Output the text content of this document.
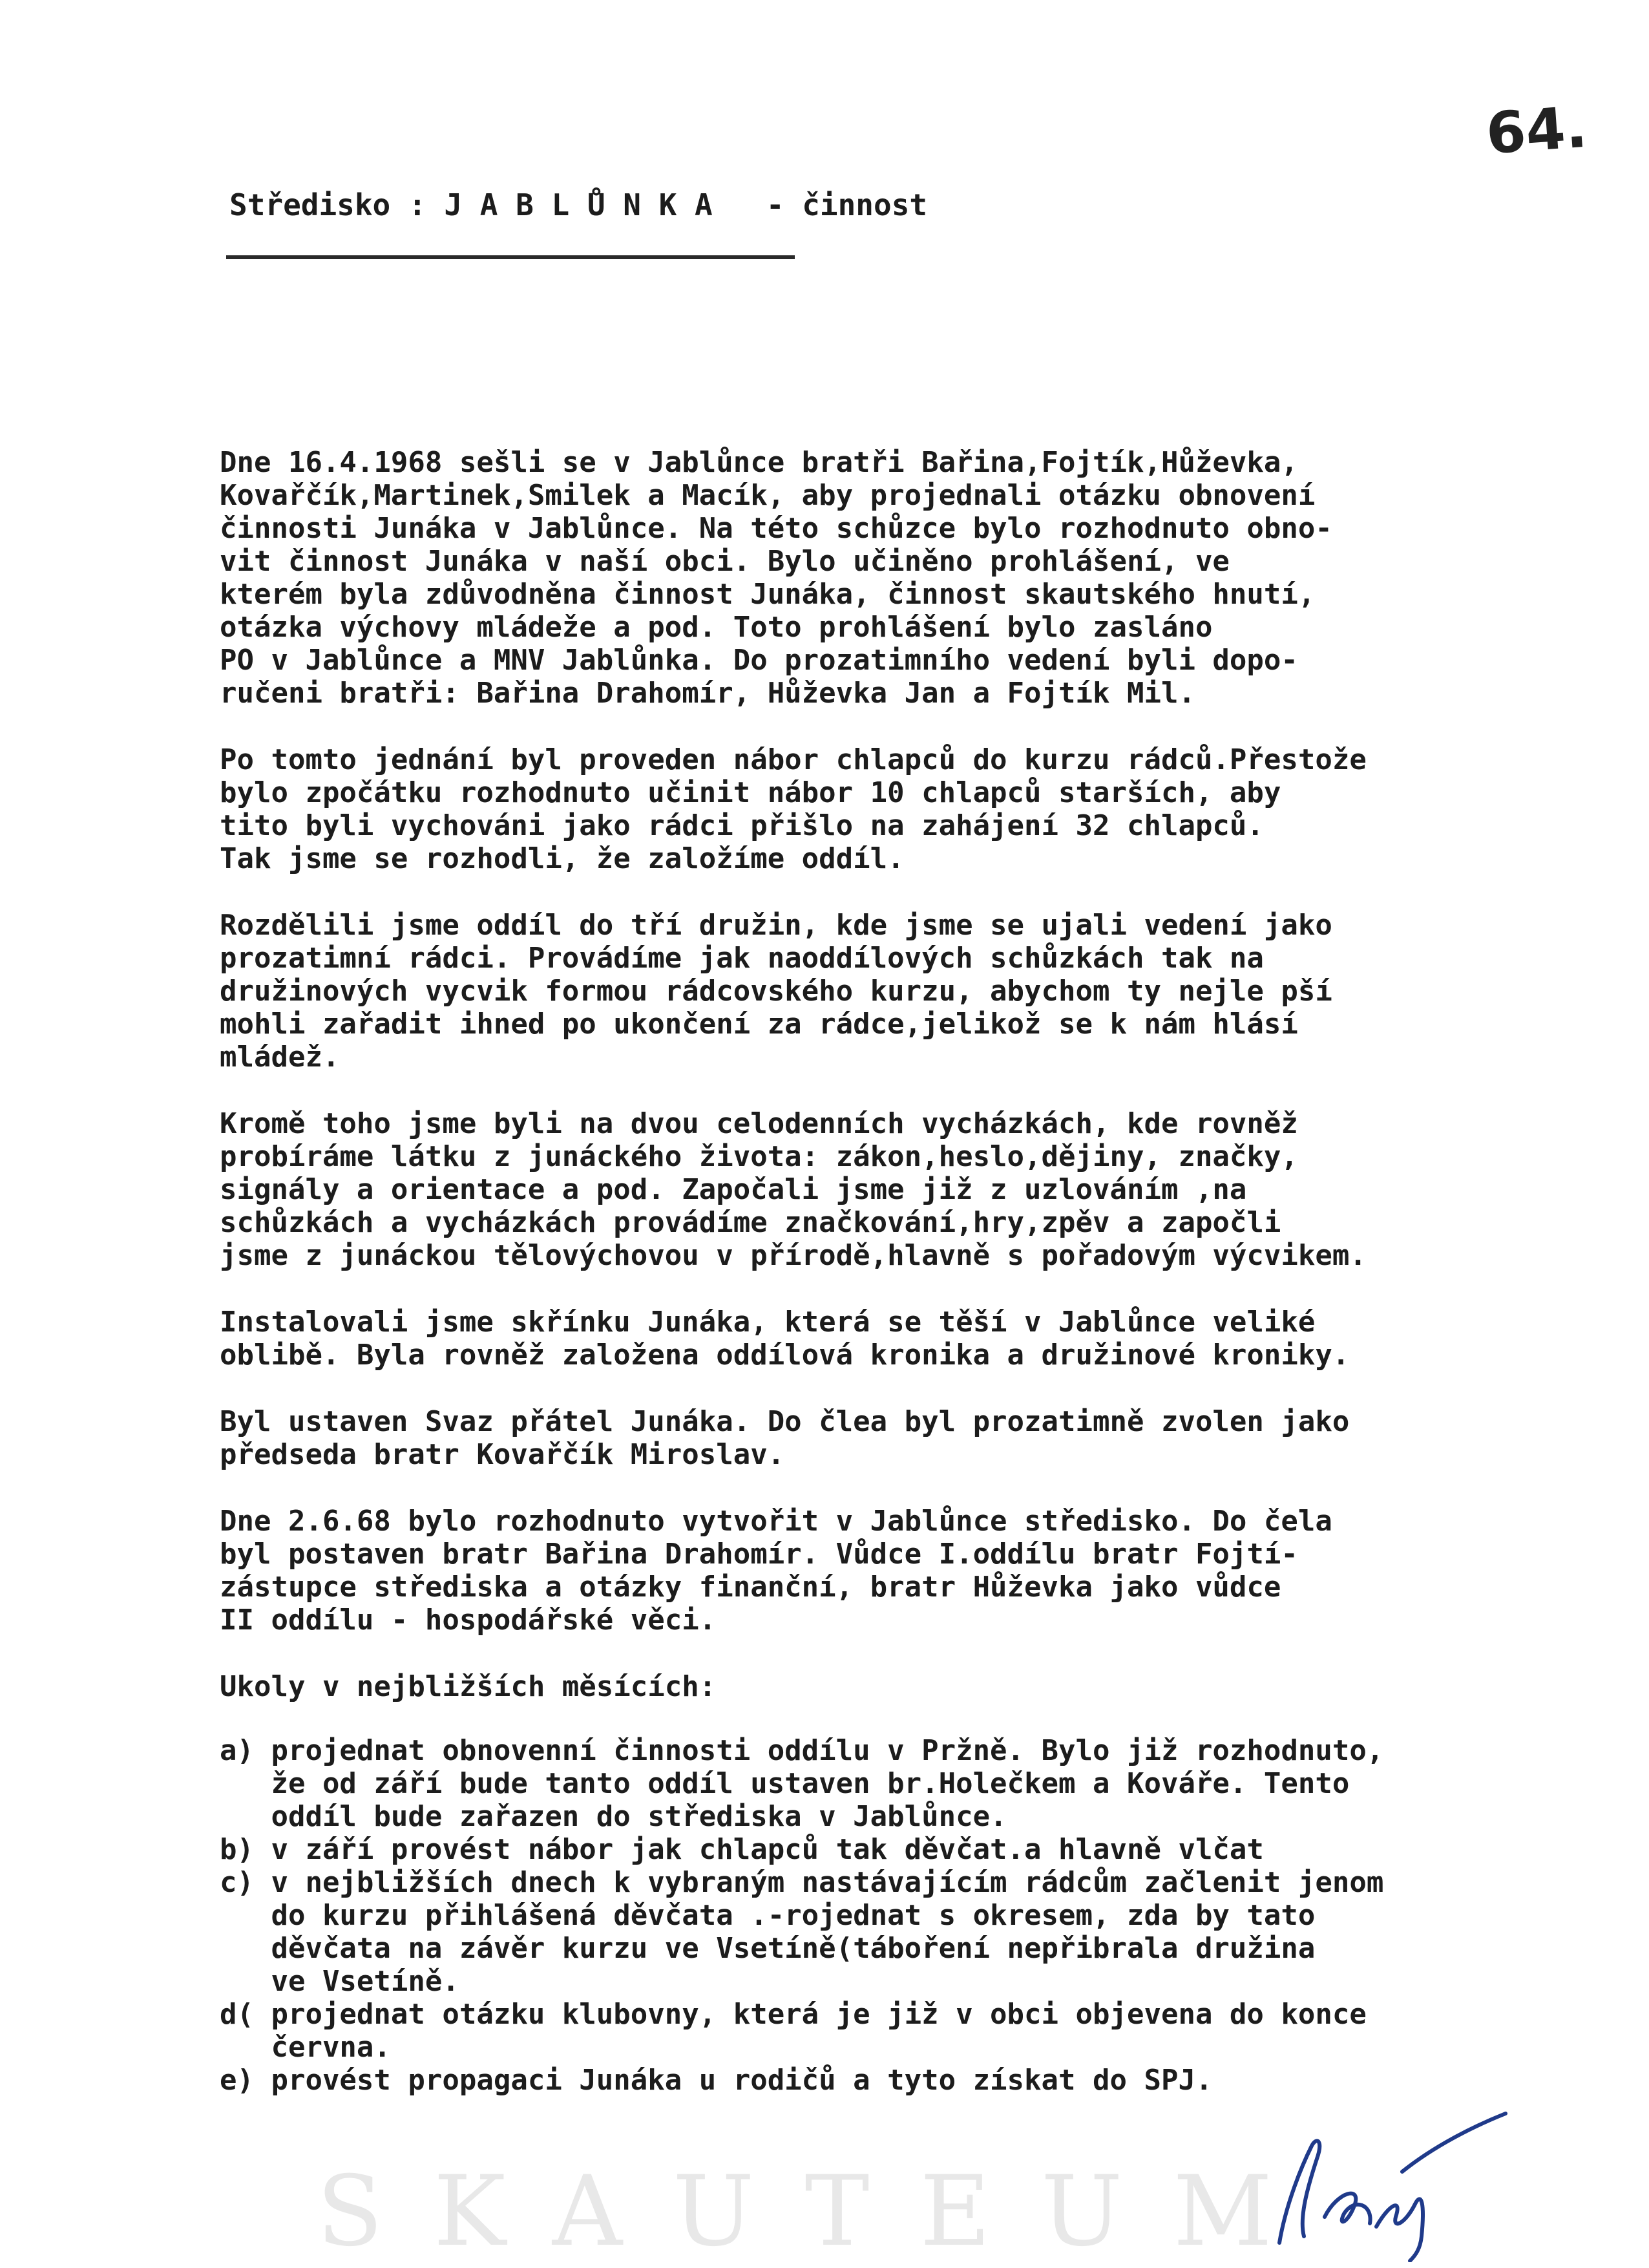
64.
Středisko : J A B L Ů N K A   - činnost
Dne 16.4.1968 sešli se v Jablůnce bratři Bařina,Fojtík,Hůževka,
Kovařčík,Martinek,Smilek a Macík, aby projednali otázku obnovení
činnosti Junáka v Jablůnce. Na této schůzce bylo rozhodnuto obno-
vit činnost Junáka v naší obci. Bylo učiněno prohlášení, ve
kterém byla zdůvodněna činnost Junáka, činnost skautského hnutí,
otázka výchovy mládeže a pod. Toto prohlášení bylo zasláno
PO v Jablůnce a MNV Jablůnka. Do prozatimního vedení byli dopo-
ručeni bratři: Bařina Drahomír, Hůževka Jan a Fojtík Mil.
Po tomto jednání byl proveden nábor chlapců do kurzu rádců.Přestože
bylo zpočátku rozhodnuto učinit nábor 10 chlapců starších, aby
tito byli vychováni jako rádci přišlo na zahájení 32 chlapců.
Tak jsme se rozhodli, že založíme oddíl.
Rozdělili jsme oddíl do tří družin, kde jsme se ujali vedení jako
prozatimní rádci. Provádíme jak naoddílových schůzkách tak na
družinových vycvik formou rádcovského kurzu, abychom ty nejle pší
mohli zařadit ihned po ukončení za rádce,jelikož se k nám hlásí
mládež.
Kromě toho jsme byli na dvou celodenních vycházkách, kde rovněž
probíráme látku z junáckého života: zákon,heslo,dějiny, značky,
signály a orientace a pod. Započali jsme již z uzlováním ,na
schůzkách a vycházkách provádíme značkování,hry,zpěv a započli
jsme z junáckou tělovýchovou v přírodě,hlavně s pořadovým výcvikem.
Instalovali jsme skřínku Junáka, která se těší v Jablůnce veliké
oblibě. Byla rovněž založena oddílová kronika a družinové kroniky.
Byl ustaven Svaz přátel Junáka. Do člea byl prozatimně zvolen jako
předseda bratr Kovařčík Miroslav.
Dne 2.6.68 bylo rozhodnuto vytvořit v Jablůnce středisko. Do čela
byl postaven bratr Bařina Drahomír. Vůdce I.oddílu bratr Fojtí-
zástupce střediska a otázky finanční, bratr Hůževka jako vůdce
II oddílu - hospodářské věci.
Ukoly v nejbližších měsících:
a) projednat obnovenní činnosti oddílu v Pržně. Bylo již rozhodnuto,
že od září bude tanto oddíl ustaven br.Holečkem a Kováře. Tento
oddíl bude zařazen do střediska v Jablůnce.
b) v září provést nábor jak chlapců tak děvčat.a hlavně vlčat
c) v nejbližších dnech k vybraným nastávajícím rádcům začlenit jenom
do kurzu přihlášená děvčata .-rojednat s okresem, zda by tato
děvčata na závěr kurzu ve Vsetíně(táboření nepřibrala družina
ve Vsetíně.
d( projednat otázku klubovny, která je již v obci objevena do konce
června.
e) provést propagaci Junáka u rodičů a tyto získat do SPJ.
SKAUTEUM
